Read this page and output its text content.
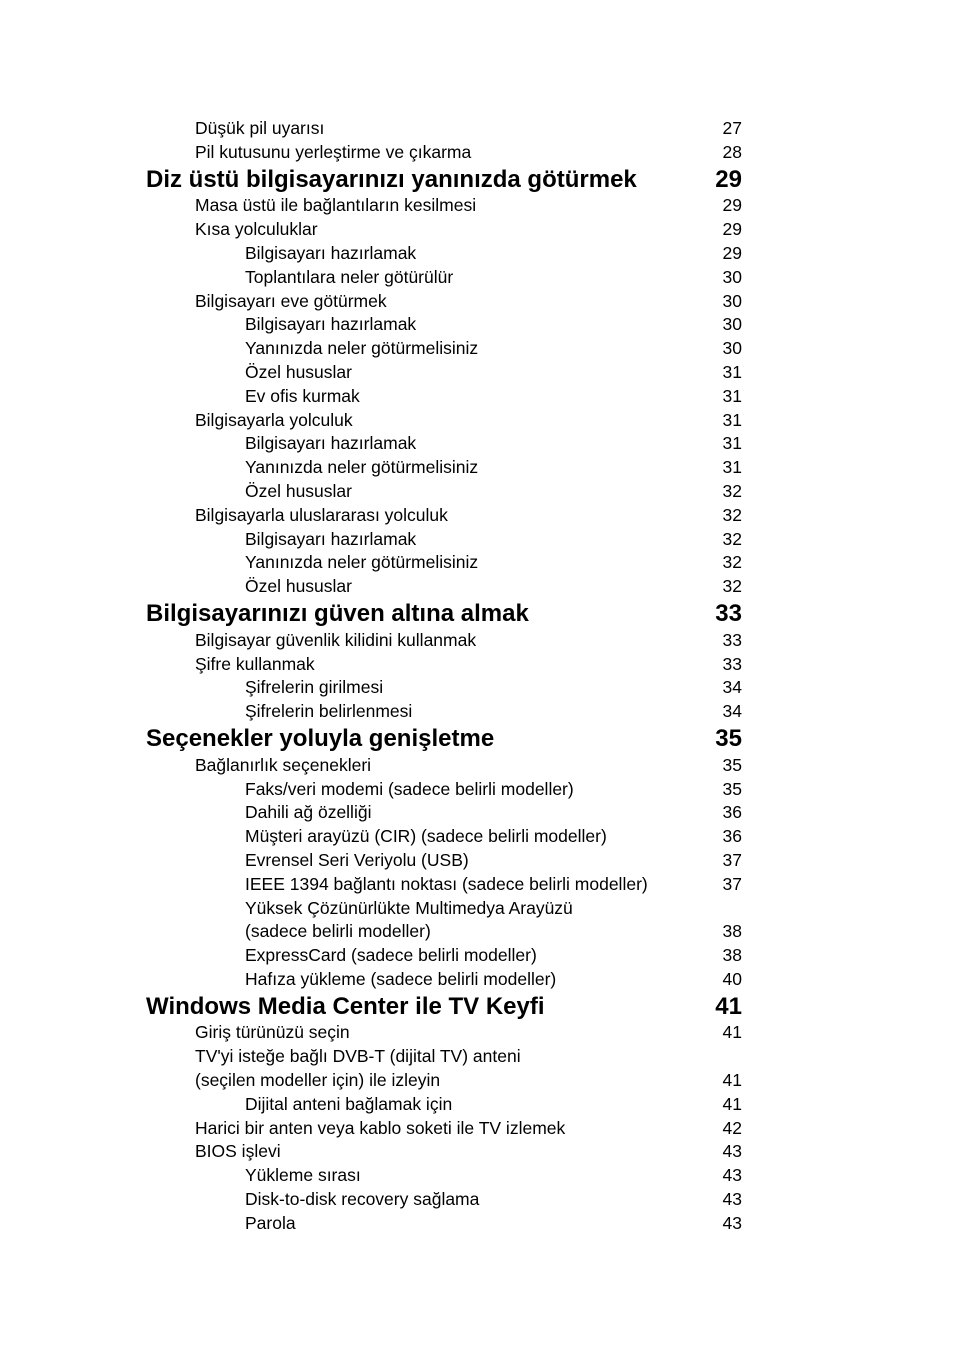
Düşük pil uyarısı	27
Pil kutusunu yerleştirme ve çıkarma	28
Diz üstü bilgisayarınızı yanınızda götürmek	29
Masa üstü ile bağlantıların kesilmesi	29
Kısa yolculuklar	29
Bilgisayarı hazırlamak	29
Toplantılara neler götürülür	30
Bilgisayarı eve götürmek	30
Bilgisayarı hazırlamak	30
Yanınızda neler götürmelisiniz	30
Özel hususlar	31
Ev ofis kurmak	31
Bilgisayarla yolculuk	31
Bilgisayarı hazırlamak	31
Yanınızda neler götürmelisiniz	31
Özel hususlar	32
Bilgisayarla uluslararası yolculuk	32
Bilgisayarı hazırlamak	32
Yanınızda neler götürmelisiniz	32
Özel hususlar	32
Bilgisayarınızı güven altına almak	33
Bilgisayar güvenlik kilidini kullanmak	33
Şifre kullanmak	33
Şifrelerin girilmesi	34
Şifrelerin belirlenmesi	34
Seçenekler yoluyla genişletme	35
Bağlanırlık seçenekleri	35
Faks/veri modemi (sadece belirli modeller)	35
Dahili ağ özelliği	36
Müşteri arayüzü (CIR) (sadece belirli modeller)	36
Evrensel Seri Veriyolu (USB)	37
IEEE 1394 bağlantı noktası (sadece belirli modeller)	37
Yüksek Çözünürlükte Multimedya Arayüzü
(sadece belirli modeller)	38
ExpressCard (sadece belirli modeller)	38
Hafıza yükleme (sadece belirli modeller)	40
Windows Media Center ile TV Keyfi	41
Giriş türünüzü seçin	41
TV'yi isteğe bağlı DVB-T (dijital TV) anteni
(seçilen modeller için) ile izleyin	41
Dijital anteni bağlamak için	41
Harici bir anten veya kablo soketi ile TV izlemek	42
BIOS işlevi	43
Yükleme sırası	43
Disk-to-disk recovery sağlama	43
Parola	43
